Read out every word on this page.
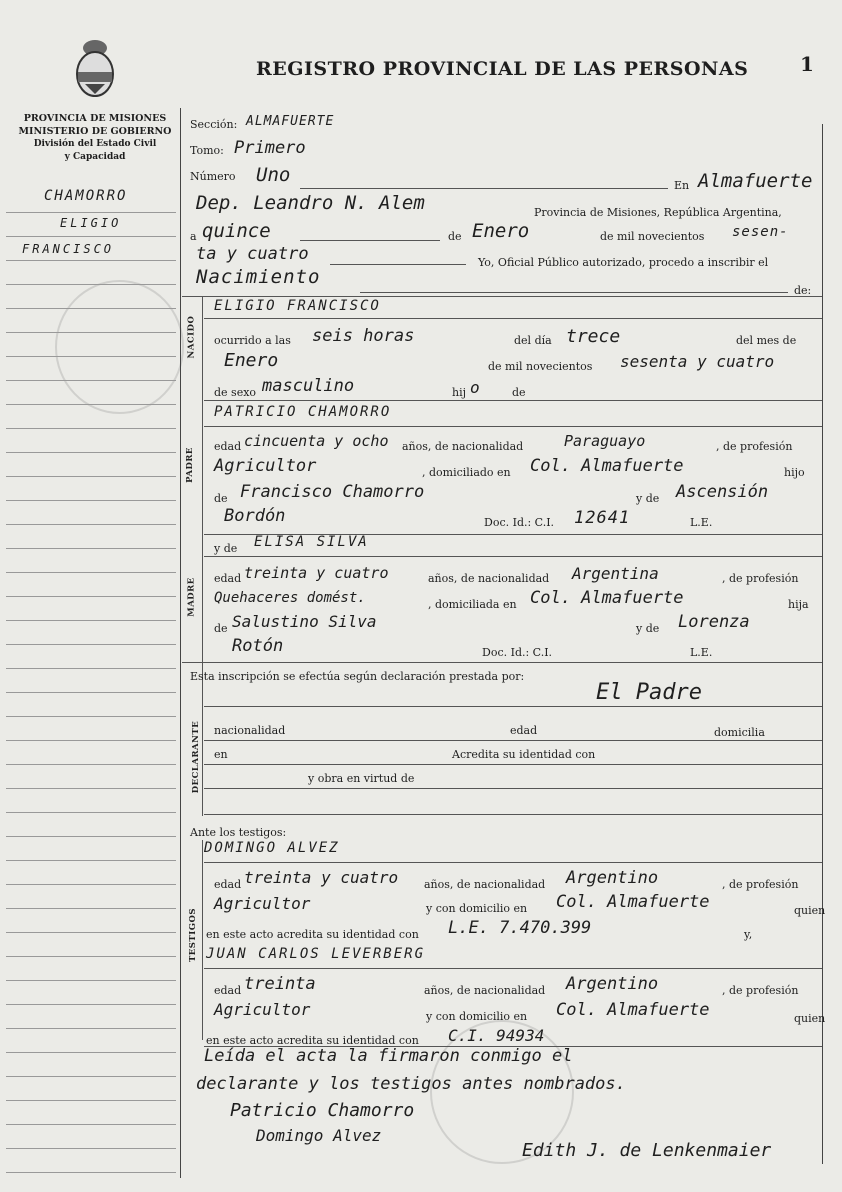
REGISTRO PROVINCIAL DE LAS PERSONAS	1
PROVINCIA DE MISIONES
MINISTERIO DE GOBIERNO
División del Estado Civil
y Capacidad
CHAMORRO
ELIGIO
FRANCISCO
Sección: ALMAFUERTE
Tomo: Primero
Número Uno	En Almafuerte
Dep. Leandro N. Alem	Provincia de Misiones, República Argentina,
a quince	de Enero	de mil novecientos sesen-
ta y cuatro	Yo, Oficial Público autorizado, procedo a inscribir el
Nacimiento
de:
NACIDO
ELIGIO FRANCISCO
ocurrido a las seis horas	del día trece	del mes de
Enero	de mil novecientos sesenta y cuatro
de sexo masculino	hij o	de
PADRE
PATRICIO CHAMORRO
edad cincuenta y ocho años, de nacionalidad	Paraguayo	, de profesión
Agricultor	, domiciliado en Col. Almafuerte	hijo
de Francisco Chamorro	y de Ascensión
Bordón	Doc. Id.: C.I. 12641	L.E.
MADRE
y de ELISA SILVA
edad treinta y cuatro	años, de nacionalidad Argentina	, de profesión
Quehaceres domést.	, domiciliada en Col. Almafuerte	hija
de Salustino Silva	y de Lorenza
Rotón	Doc. Id.: C.I.	L.E.
Esta inscripción se efectúa según declaración prestada por:
El Padre
DECLARANTE nacionalidad	edad	domicilia
en	Acredita su identidad con
y obra en virtud de
Ante los testigos:
TESTIGOS
DOMINGO ALVEZ
edad treinta y cuatro años, de nacionalidad Argentino	, de profesión
Agricultor	y con domicilio en Col. Almafuerte	quien
en este acto acredita su identidad con L.E. 7.470.399	y,
JUAN CARLOS LEVERBERG
edad treinta	años, de nacionalidad Argentino	, de profesión
Agricultor	y con domicilio en Col. Almafuerte	quien
en este acto acredita su identidad con C.I. 94934
Leída el acta la firmaron conmigo el
declarante y los testigos antes nombrados.
Patricio Chamorro
Domingo Alvez
Edith J. de Lenkenmaier
